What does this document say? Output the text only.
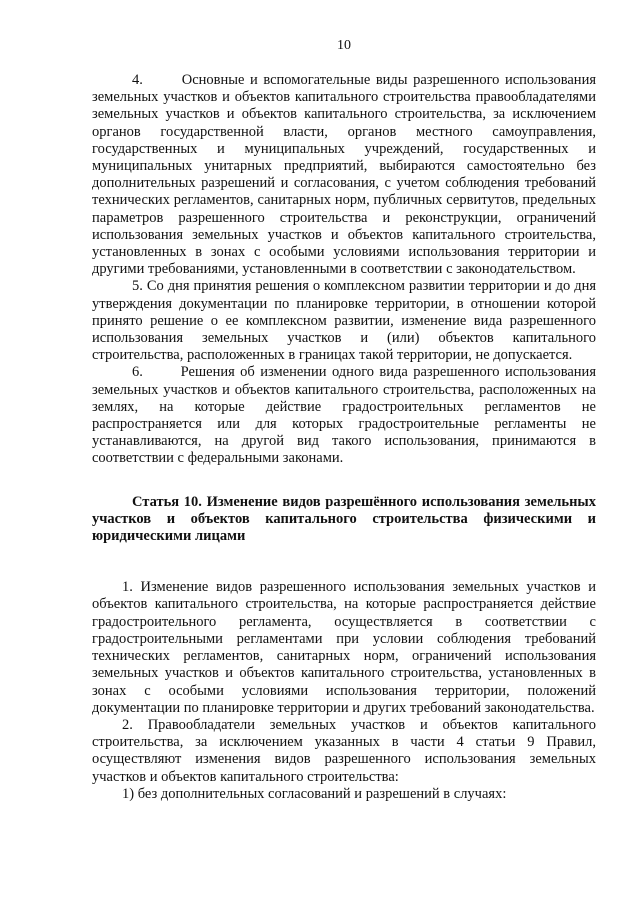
10

4.       Основные и вспомогательные виды разрешенного использования земельных участков и объектов капитального строительства правообладателями земельных участков и объектов капитального строительства, за исключением органов государственной власти, органов местного самоуправления, государственных и муниципальных учреждений, государственных и муниципальных унитарных предприятий, выбираются самостоятельно без дополнительных разрешений и согласования, с учетом соблюдения требований технических регламентов, санитарных норм, публичных сервитутов, предельных параметров разрешенного строительства и реконструкции, ограничений использования земельных участков и объектов капитального строительства, установленных в зонах с особыми условиями использования территории и другими требованиями, установленными в соответствии с законодательством.

5. Со дня принятия решения о комплексном развитии территории и до дня утверждения документации по планировке территории, в отношении которой принято решение о ее комплексном развитии, изменение вида разрешенного использования земельных участков и (или) объектов капитального строительства, расположенных в границах такой территории, не допускается.

6.       Решения об изменении одного вида разрешенного использования земельных участков и объектов капитального строительства, расположенных на землях, на которые действие градостроительных регламентов не распространяется или для которых градостроительные регламенты не устанавливаются, на другой вид такого использования, принимаются в соответствии с федеральными законами.

Статья 10. Изменение видов разрешённого использования земельных участков и объектов капитального строительства физическими и юридическими лицами

1. Изменение видов разрешенного использования земельных участков и объектов капитального строительства, на которые распространяется действие градостроительного регламента, осуществляется в соответствии с градостроительными регламентами при условии соблюдения требований технических регламентов, санитарных норм, ограничений использования земельных участков и объектов капитального строительства, установленных в зонах с особыми условиями использования территории, положений документации по планировке территории и других требований законодательства.

2. Правообладатели земельных участков и объектов капитального строительства, за исключением указанных в части 4 статьи 9 Правил, осуществляют изменения видов разрешенного использования земельных участков и объектов капитального строительства:

1) без дополнительных согласований и разрешений в случаях:
